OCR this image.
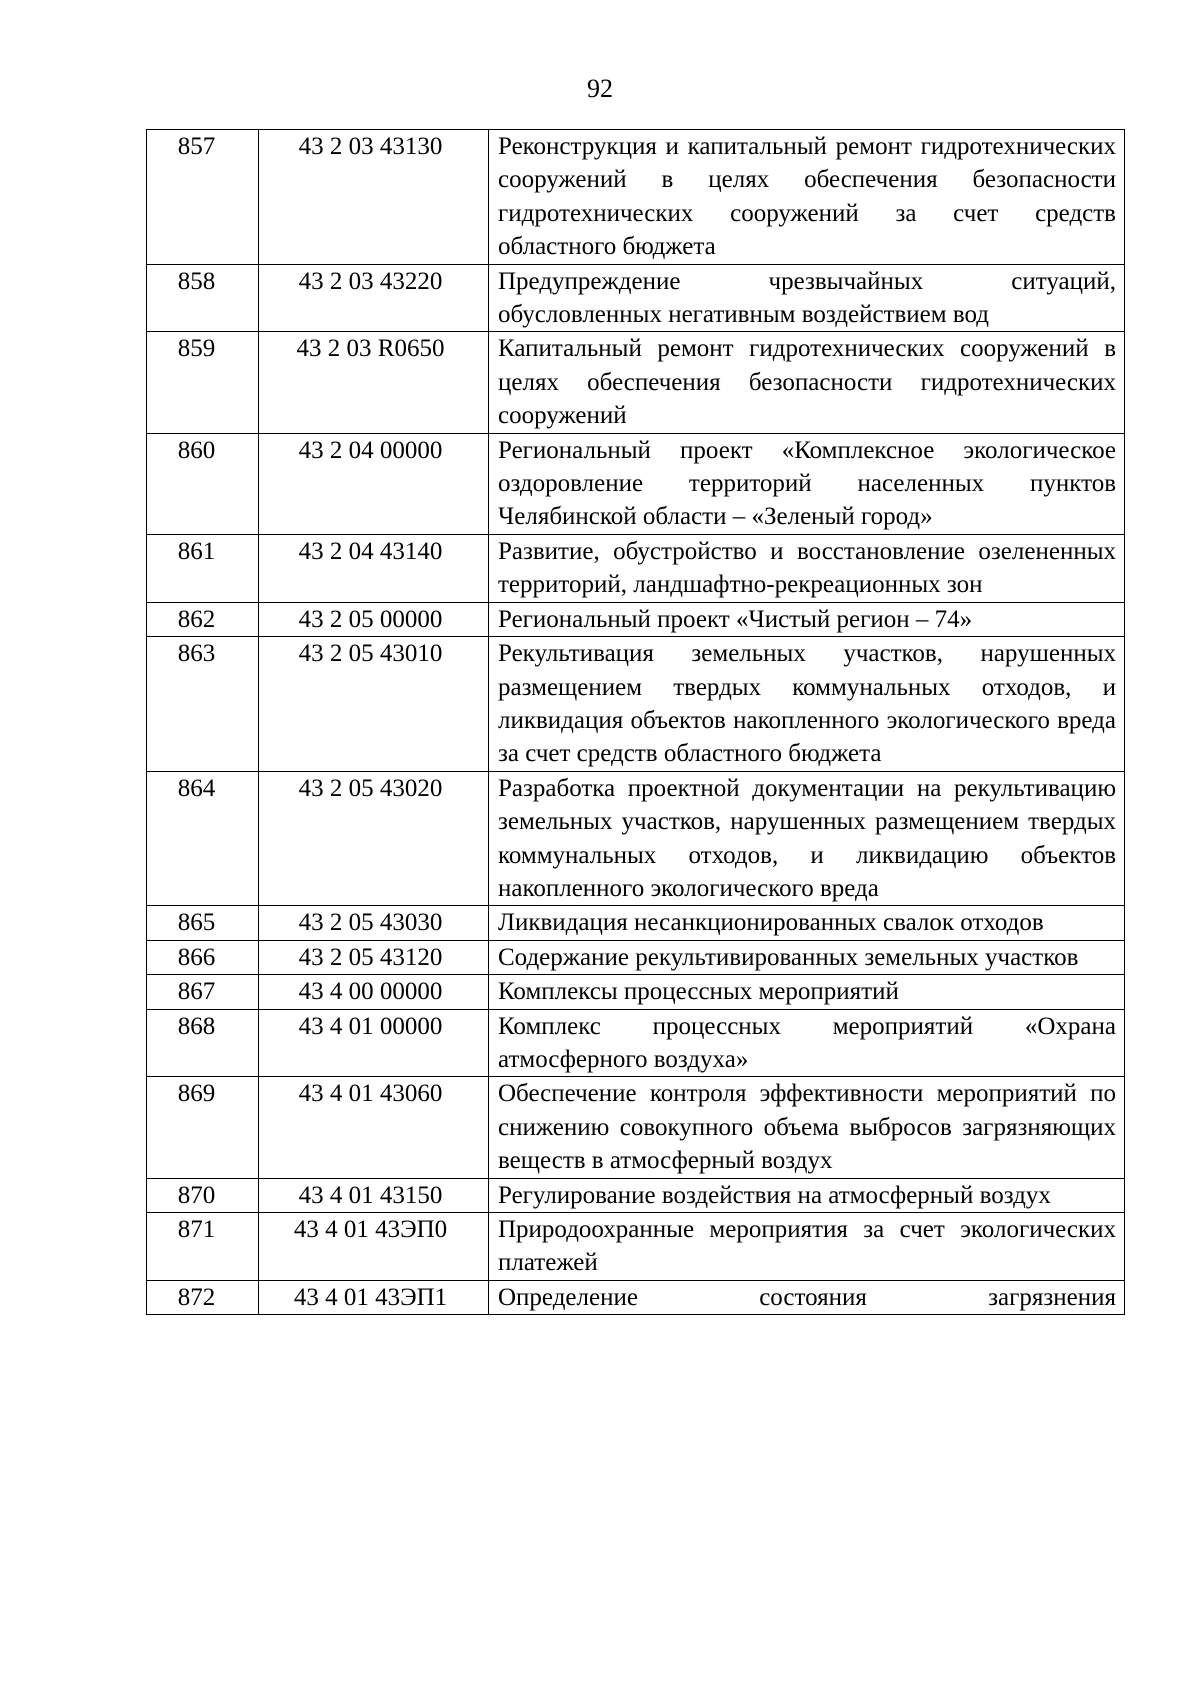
92
857	43 2 03 43130	Реконструкция и капитальный ремонт гидротехнических сооружений в целях обеспечения безопасности гидротехнических сооружений за счет средств областного бюджета
858	43 2 03 43220	Предупреждение чрезвычайных ситуаций, обусловленных негативным воздействием вод
859	43 2 03 R0650	Капитальный ремонт гидротехнических сооружений в целях обеспечения безопасности гидротехнических сооружений
860	43 2 04 00000	Региональный проект «Комплексное экологическое оздоровление территорий населенных пунктов Челябинской области – «Зеленый город»
861	43 2 04 43140	Развитие, обустройство и восстановление озелененных территорий, ландшафтно-рекреационных зон
862	43 2 05 00000	Региональный проект «Чистый регион – 74»
863	43 2 05 43010	Рекультивация земельных участков, нарушенных размещением твердых коммунальных отходов, и ликвидация объектов накопленного экологического вреда за счет средств областного бюджета
864	43 2 05 43020	Разработка проектной документации на рекультивацию земельных участков, нарушенных размещением твердых коммунальных отходов, и ликвидацию объектов накопленного экологического вреда
865	43 2 05 43030	Ликвидация несанкционированных свалок отходов
866	43 2 05 43120	Содержание рекультивированных земельных участков
867	43 4 00 00000	Комплексы процессных мероприятий
868	43 4 01 00000	Комплекс процессных мероприятий «Охрана атмосферного воздуха»
869	43 4 01 43060	Обеспечение контроля эффективности мероприятий по снижению совокупного объема выбросов загрязняющих веществ в атмосферный воздух
870	43 4 01 43150	Регулирование воздействия на атмосферный воздух
871	43 4 01 43ЭП0	Природоохранные мероприятия за счет экологических платежей
872	43 4 01 43ЭП1	Определение состояния загрязнения
